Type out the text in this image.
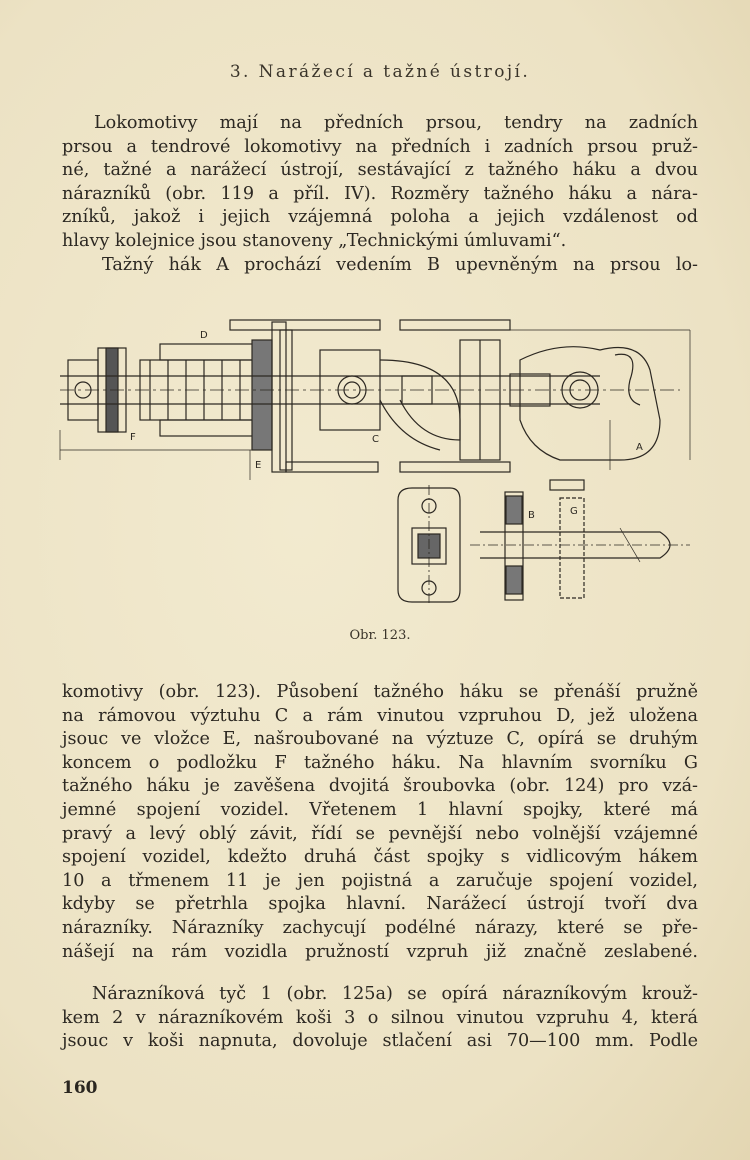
3. Narážecí a tažné ústrojí.
Lokomotivy mají na předních prsou, tendry na zadních
prsou a tendrové lokomotivy na předních i zadních prsou pruž-
né, tažné a narážecí ústrojí, sestávající z tažného háku a dvou
nárazníků (obr. 119 a příl. IV). Rozměry tažného háku a nára-
zníků, jakož i jejich vzájemná poloha a jejich vzdálenost od
hlavy kolejnice jsou stanoveny „Technickými úmluvami“.
Tažný hák A prochází vedením B upevněným na prsou lo-
D
F
E
C
A
B	G
Obr. 123.
komotivy (obr. 123). Působení tažného háku se přenáší pružně
na rámovou výztuhu C a rám vinutou vzpruhou D, jež uložena
jsouc ve vložce E, našroubované na výztuze C, opírá se druhým
koncem o podložku F tažného háku. Na hlavním svorníku G
tažného háku je zavěšena dvojitá šroubovka (obr. 124) pro vzá-
jemné spojení vozidel. Vřetenem 1 hlavní spojky, které má
pravý a levý oblý závit, řídí se pevnější nebo volnější vzájemné
spojení vozidel, kdežto druhá část spojky s vidlicovým hákem
10 a třmenem 11 je jen pojistná a zaručuje spojení vozidel,
kdyby se přetrhla spojka hlavní. Narážecí ústrojí tvoří dva
nárazníky. Nárazníky zachycují podélné nárazy, které se pře-
nášejí na rám vozidla pružností vzpruh již značně zeslabené.
Nárazníková tyč 1 (obr. 125a) se opírá nárazníkovým krouž-
kem 2 v nárazníkovém koši 3 o silnou vinutou vzpruhu 4, která
jsouc v koši napnuta, dovoluje stlačení asi 70—100 mm. Podle
160
